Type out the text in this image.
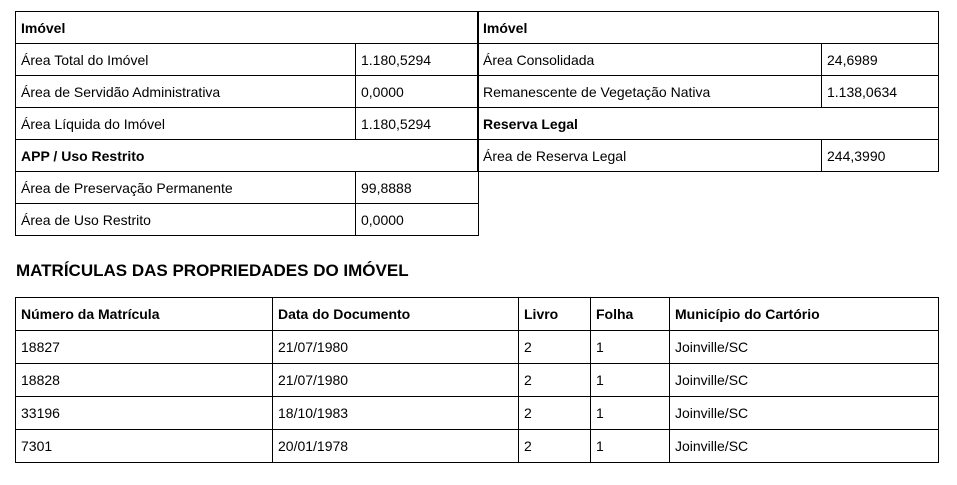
Imóvel	
Área Total do Imóvel	1.180,5294
Área de Servidão Administrativa	0,0000
Área Líquida do Imóvel	1.180,5294
APP / Uso Restrito	
Área de Preservação Permanente	99,8888
Área de Uso Restrito	0,0000
Imóvel	
Área Consolidada	24,6989
Remanescente de Vegetação Nativa	1.138,0634
Reserva Legal	
Área de Reserva Legal	244,3990
MATRÍCULAS DAS PROPRIEDADES DO IMÓVEL
Número da Matrícula	Data do Documento	Livro	Folha	Município do Cartório
18827	21/07/1980	2	1	Joinville/SC
18828	21/07/1980	2	1	Joinville/SC
33196	18/10/1983	2	1	Joinville/SC
7301	20/01/1978	2	1	Joinville/SC
